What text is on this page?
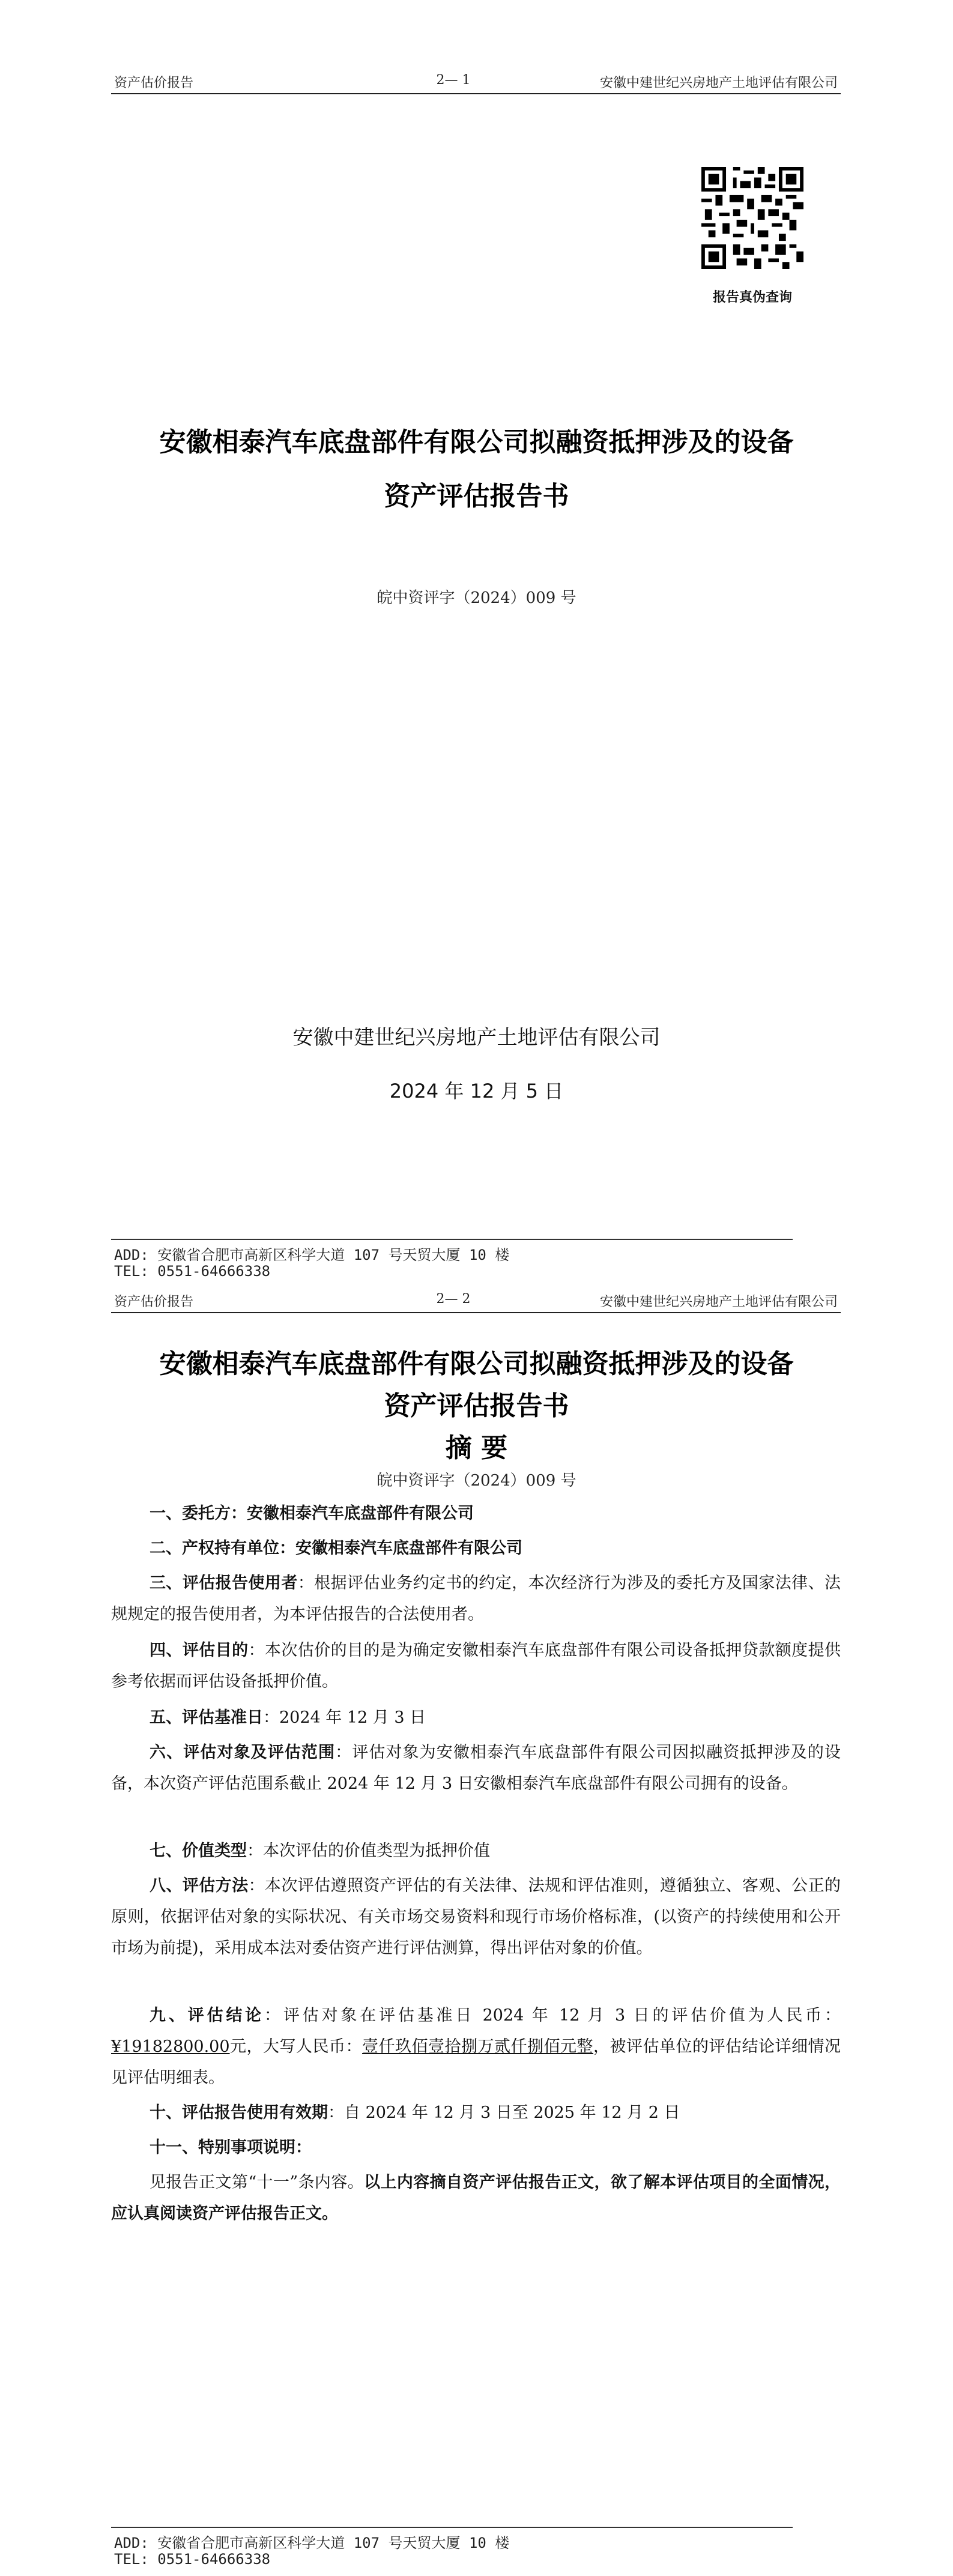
资产估价报告	2— 1	安徽中建世纪兴房地产土地评估有限公司
报告真伪查询
安徽相泰汽车底盘部件有限公司拟融资抵押涉及的设备
资产评估报告书
皖中资评字（2024）009 号
安徽中建世纪兴房地产土地评估有限公司
2024 年 12 月 5 日
ADD: 安徽省合肥市高新区科学大道 107 号天贸大厦 10 楼
TEL: 0551-64666338
资产估价报告	2— 2	安徽中建世纪兴房地产土地评估有限公司
安徽相泰汽车底盘部件有限公司拟融资抵押涉及的设备
资产评估报告书
摘 要
皖中资评字（2024）009 号
一、委托方：安徽相泰汽车底盘部件有限公司
二、产权持有单位：安徽相泰汽车底盘部件有限公司
三、评估报告使用者：根据评估业务约定书的约定，本次经济行为涉及的委托方及国家法律、法规规定的报告使用者，为本评估报告的合法使用者。
四、评估目的：本次估价的目的是为确定安徽相泰汽车底盘部件有限公司设备抵押贷款额度提供参考依据而评估设备抵押价值。
五、评估基准日：2024 年 12 月 3 日
六、评估对象及评估范围：评估对象为安徽相泰汽车底盘部件有限公司因拟融资抵押涉及的设备，本次资产评估范围系截止 2024 年 12 月 3 日安徽相泰汽车底盘部件有限公司拥有的设备。
七、价值类型：本次评估的价值类型为抵押价值
八、评估方法：本次评估遵照资产评估的有关法律、法规和评估准则，遵循独立、客观、公正的原则，依据评估对象的实际状况、有关市场交易资料和现行市场价格标准，(以资产的持续使用和公开市场为前提)，采用成本法对委估资产进行评估测算，得出评估对象的价值。
九、评估结论：评估对象在评估基准日 2024 年 12 月 3 日的评估价值为人民币：¥19182800.00元，大写人民币：壹仟玖佰壹拾捌万贰仟捌佰元整，被评估单位的评估结论详细情况见评估明细表。
十、评估报告使用有效期：自 2024 年 12 月 3 日至 2025 年 12 月 2 日
十一、特别事项说明：
见报告正文第“十一”条内容。以上内容摘自资产评估报告正文，欲了解本评估项目的全面情况，应认真阅读资产评估报告正文。
ADD: 安徽省合肥市高新区科学大道 107 号天贸大厦 10 楼
TEL: 0551-64666338
